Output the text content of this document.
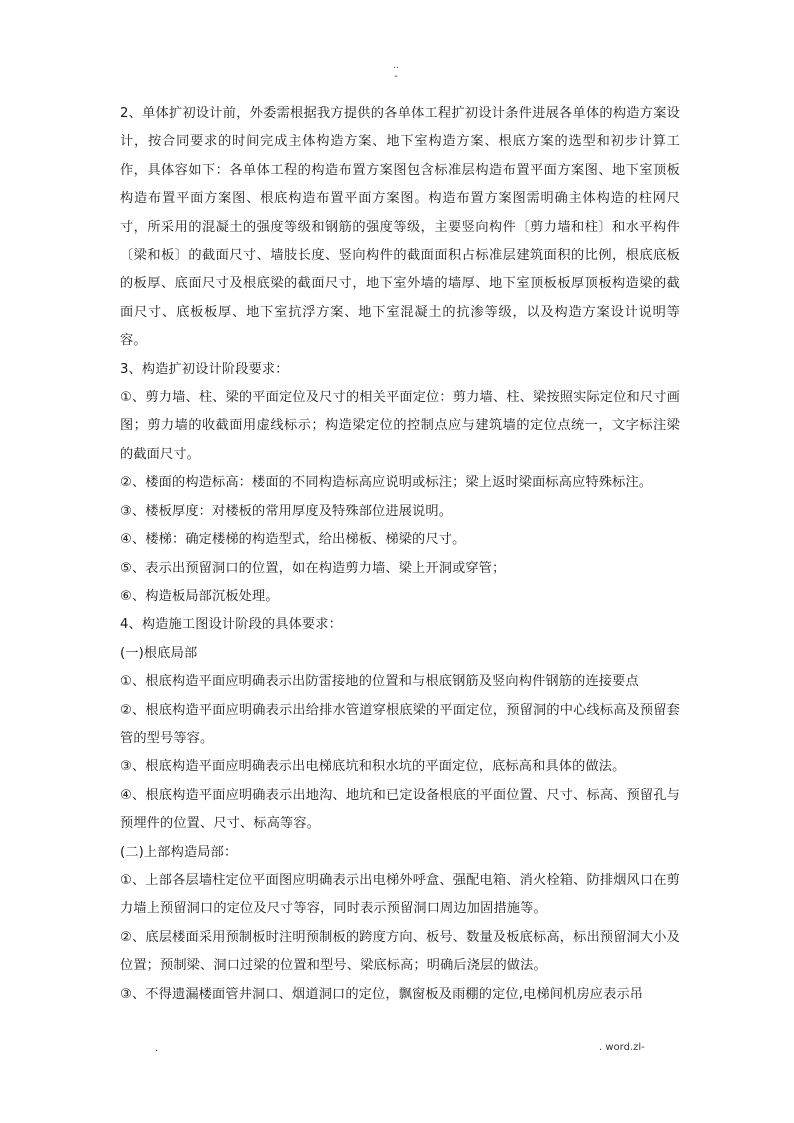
..
-

2、单体扩初设计前，外委需根据我方提供的各单体工程扩初设计条件进展各单体的构造方案设计，按合同要求的时间完成主体构造方案、地下室构造方案、根底方案的选型和初步计算工作，具体容如下：各单体工程的构造布置方案图包含标准层构造布置平面方案图、地下室顶板构造布置平面方案图、根底构造布置平面方案图。构造布置方案图需明确主体构造的柱网尺寸，所采用的混凝土的强度等级和钢筋的强度等级，主要竖向构件〔剪力墙和柱〕和水平构件〔梁和板〕的截面尺寸、墙肢长度、竖向构件的截面面积占标准层建筑面积的比例，根底底板的板厚、底面尺寸及根底梁的截面尺寸，地下室外墙的墙厚、地下室顶板板厚顶板构造梁的截面尺寸、底板板厚、地下室抗浮方案、地下室混凝土的抗渗等级，以及构造方案设计说明等容。

3、构造扩初设计阶段要求：

①、剪力墙、柱、梁的平面定位及尺寸的相关平面定位：剪力墙、柱、梁按照实际定位和尺寸画图；剪力墙的收截面用虚线标示；构造梁定位的控制点应与建筑墙的定位点统一，文字标注梁的截面尺寸。

②、楼面的构造标高：楼面的不同构造标高应说明或标注；梁上返时梁面标高应特殊标注。

③、楼板厚度：对楼板的常用厚度及特殊部位进展说明。

④、楼梯：确定楼梯的构造型式，给出梯板、梯梁的尺寸。

⑤、表示出预留洞口的位置，如在构造剪力墙、梁上开洞或穿管；

⑥、构造板局部沉板处理。

4、构造施工图设计阶段的具体要求：

(一)根底局部

①、根底构造平面应明确表示出防雷接地的位置和与根底钢筋及竖向构件钢筋的连接要点

②、根底构造平面应明确表示出给排水管道穿根底梁的平面定位，预留洞的中心线标高及预留套管的型号等容。

③、根底构造平面应明确表示出电梯底坑和积水坑的平面定位，底标高和具体的做法。

④、根底构造平面应明确表示出地沟、地坑和已定设备根底的平面位置、尺寸、标高、预留孔与预埋件的位置、尺寸、标高等容。

(二)上部构造局部：

①、上部各层墙柱定位平面图应明确表示出电梯外呼盒、强配电箱、消火栓箱、防排烟风口在剪力墙上预留洞口的定位及尺寸等容，同时表示预留洞口周边加固措施等。

②、底层楼面采用预制板时注明预制板的跨度方向、板号、数量及板底标高，标出预留洞大小及位置；预制梁、洞口过梁的位置和型号、梁底标高；明确后浇层的做法。

③、不得遗漏楼面管井洞口、烟道洞口的定位，飘窗板及雨棚的定位,电梯间机房应表示吊

.	. word.zl-
